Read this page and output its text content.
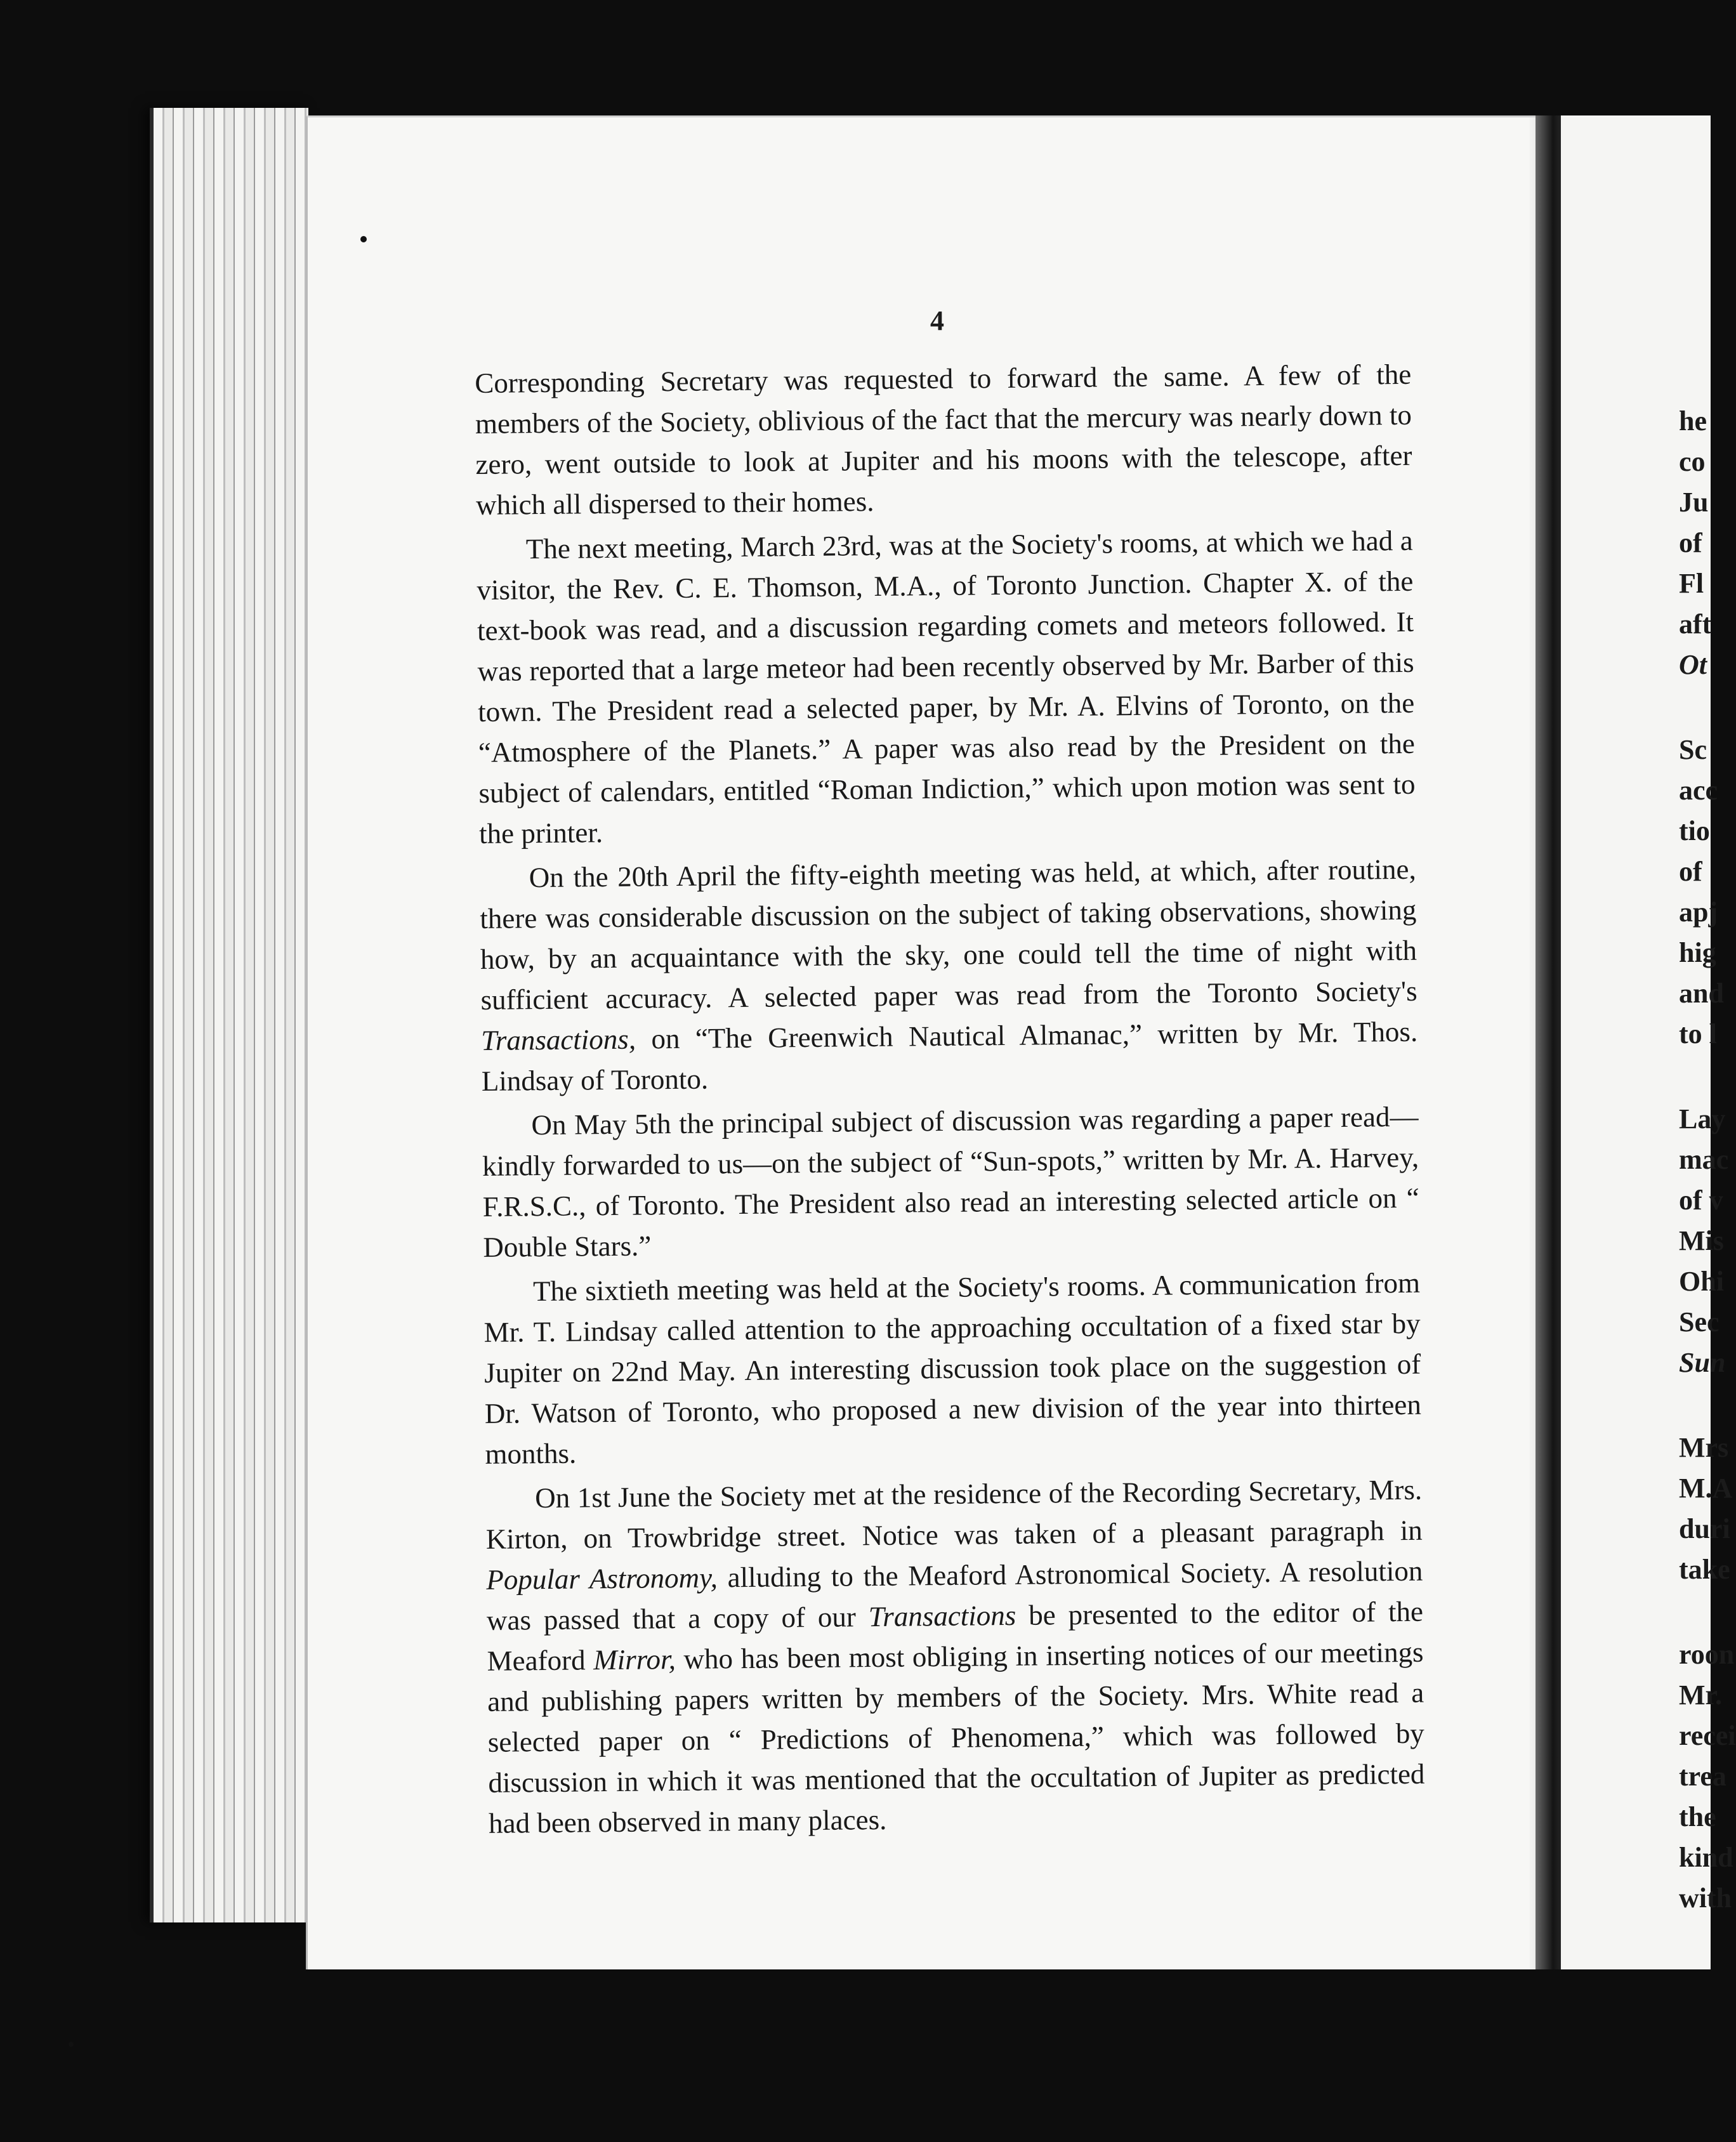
4

Corresponding Secretary was requested to forward the same. A few of the members of the Society, oblivious of the fact that the mercury was nearly down to zero, went outside to look at Jupiter and his moons with the telescope, after which all dispersed to their homes.

The next meeting, March 23rd, was at the Society's rooms, at which we had a visitor, the Rev. C. E. Thomson, M.A., of Toronto Junction. Chapter X. of the text-book was read, and a discussion regarding comets and meteors followed. It was reported that a large meteor had been recently observed by Mr. Barber of this town. The President read a selected paper, by Mr. A. Elvins of Toronto, on the “Atmosphere of the Planets.” A paper was also read by the President on the subject of calendars, entitled “Roman Indiction,” which upon motion was sent to the printer.

On the 20th April the fifty-eighth meeting was held, at which, after routine, there was considerable discussion on the subject of taking observations, showing how, by an acquaintance with the sky, one could tell the time of night with sufficient accuracy. A selected paper was read from the Toronto Society's Transactions, on “The Greenwich Nautical Almanac,” written by Mr. Thos. Lindsay of Toronto.

On May 5th the principal subject of discussion was regarding a paper read—kindly forwarded to us—on the subject of “Sun-spots,” written by Mr. A. Harvey, F.R.S.C., of Toronto. The President also read an interesting selected article on “ Double Stars.”

The sixtieth meeting was held at the Society's rooms. A communication from Mr. T. Lindsay called attention to the approaching occultation of a fixed star by Jupiter on 22nd May. An interesting discussion took place on the suggestion of Dr. Watson of Toronto, who proposed a new division of the year into thirteen months.

On 1st June the Society met at the residence of the Recording Secretary, Mrs. Kirton, on Trowbridge street. Notice was taken of a pleasant paragraph in Popular Astronomy, alluding to the Meaford Astronomical Society. A resolution was passed that a copy of our Transactions be presented to the editor of the Meaford Mirror, who has been most obliging in inserting notices of our meetings and publishing papers written by members of the Society. Mrs. White read a selected paper on “ Predictions of Phenomena,” which was followed by discussion in which it was mentioned that the occultation of Jupiter as predicted had been observed in many places.

he
co
Ju
of
Fl
aft
Ot
Sc
acc
tio
of
apj
hig
and
to l
Lay
mac
of v
Mis
Ohi
Sec
Sun
Mrs
M.A
duri
take
roon
Mr.
recei
trea
the
kind
with
